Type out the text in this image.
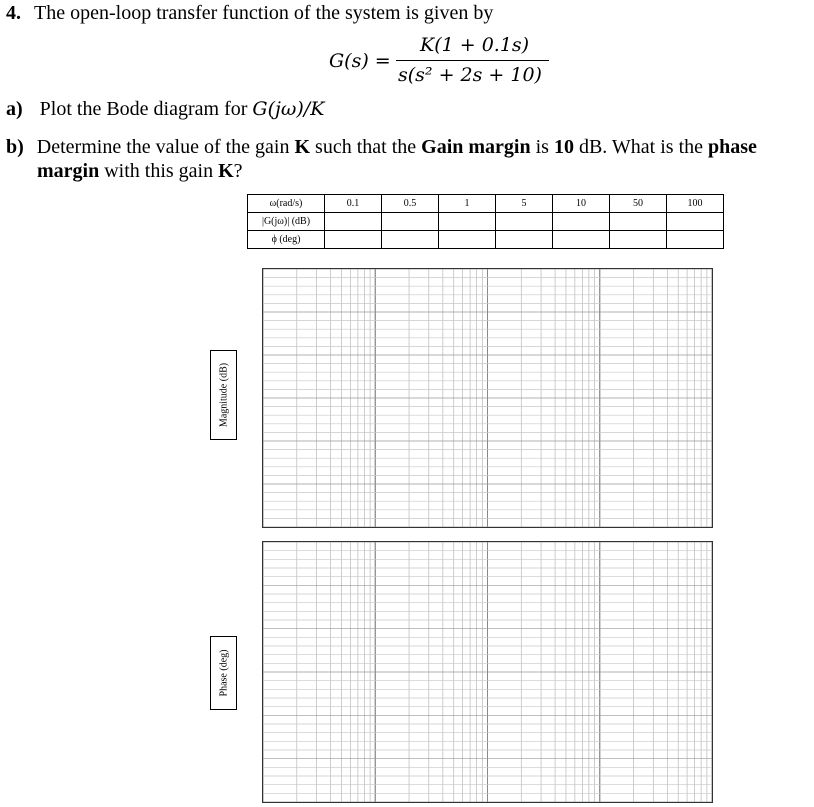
4. The open-loop transfer function of the system is given by
G(s) =
K(1 + 0.1s)
s(s² + 2s + 10)
a) Plot the Bode diagram for G(jω)/K
b) Determine the value of the gain K such that the Gain margin is 10 dB. What is the phase
margin with this gain K?
ω(rad/s)	0.1	0.5	1	5	10	50	100
|G(jω)| (dB)							
ϕ (deg)							
Magnitude (dB)
Phase (deg)
